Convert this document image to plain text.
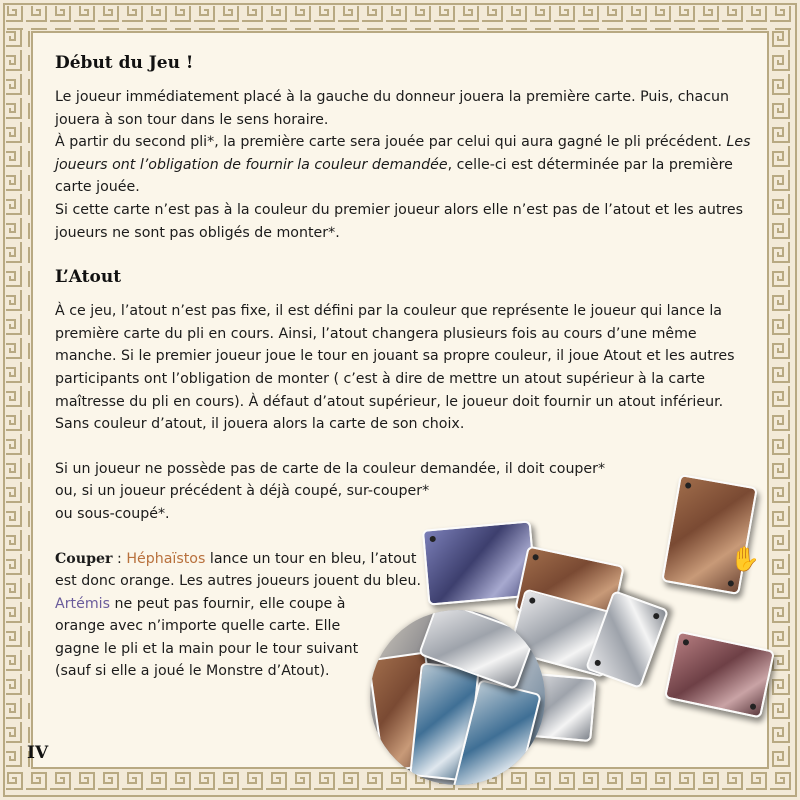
Début du Jeu !

Le joueur immédiatement placé à la gauche du donneur jouera la première carte. Puis, chacun jouera à son tour dans le sens horaire.

À partir du second pli*, la première carte sera jouée par celui qui aura gagné le pli précédent. Les joueurs ont l’obligation de fournir la couleur demandée, celle-ci est déterminée par la première carte jouée.

Si cette carte n’est pas à la couleur du premier joueur alors elle n’est pas de l’atout et les autres joueurs ne sont pas obligés de monter*.

L’Atout

À ce jeu, l’atout n’est pas fixe, il est défini par la couleur que représente le joueur qui lance la première carte du pli en cours. Ainsi, l’atout changera plusieurs fois au cours d’une même manche. Si le premier joueur joue le tour en jouant sa propre couleur, il joue Atout et les autres participants ont l’obligation de monter ( c’est à dire de mettre un atout supérieur à la carte maîtresse du pli en cours). À défaut d’atout supérieur, le joueur doit fournir un atout inférieur.

Sans couleur d’atout, il jouera alors la carte de son choix.

Si un joueur ne possède pas de carte de la couleur demandée, il doit couper*

ou, si un joueur précédent à déjà coupé, sur-couper*

ou sous-coupé*.

Couper : Héphaïstos lance un tour en bleu, l’atout

est donc orange. Les autres joueurs jouent du bleu.

Artémis ne peut pas fournir, elle coupe à

orange avec n’importe quelle carte. Elle

gagne le pli et la main pour le tour suivant

(sauf si elle a joué le Monstre d’Atout).

✋
IV
